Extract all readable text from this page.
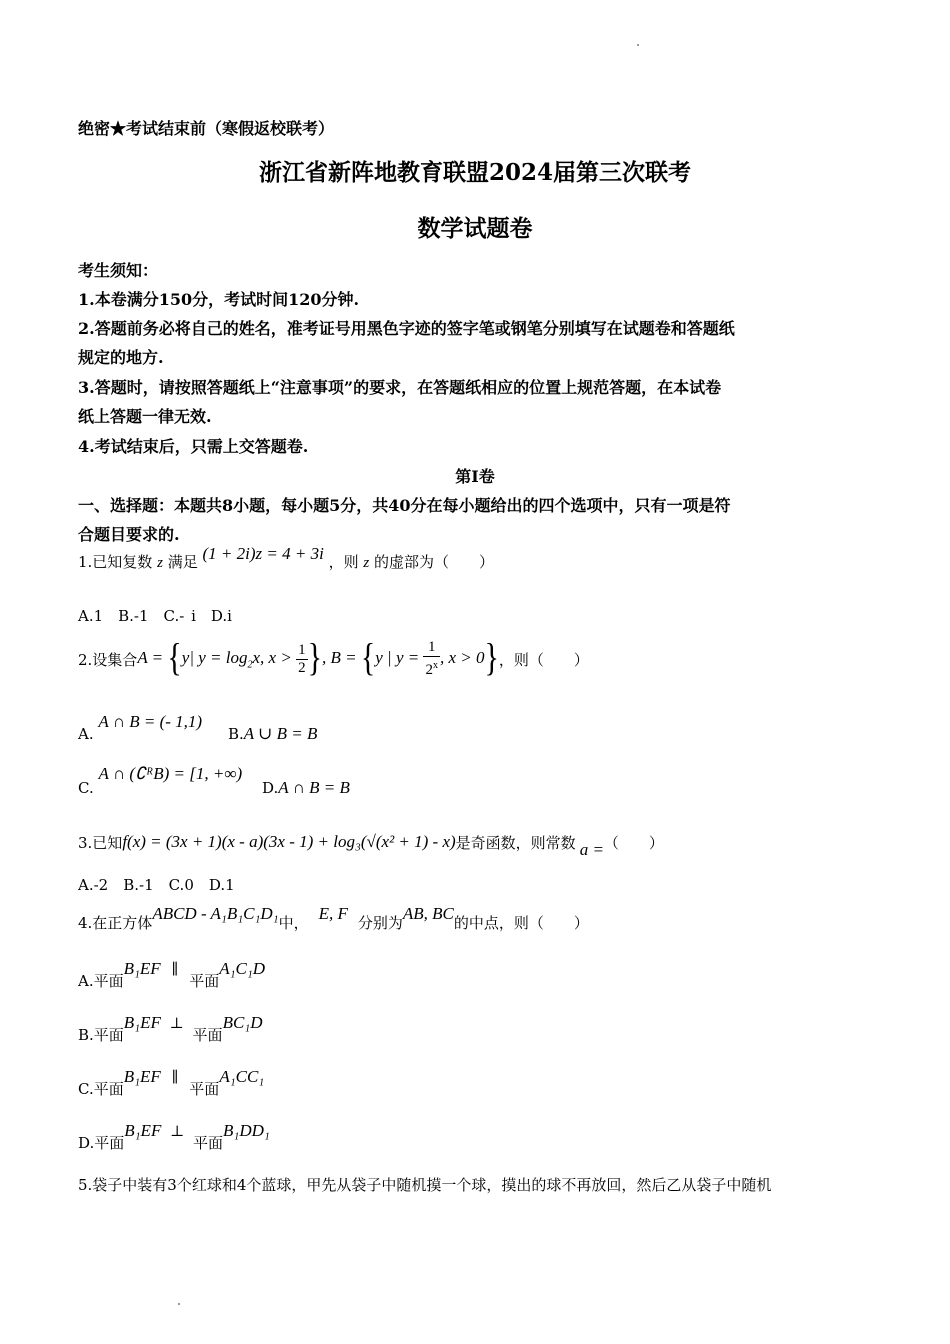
绝密★考试结束前（寒假返校联考）
浙江省新阵地教育联盟2024届第三次联考
数学试题卷
考生须知：
1.本卷满分150分，考试时间120分钟.
2.答题前务必将自己的姓名，准考证号用黑色字迹的签字笔或钢笔分别填写在试题卷和答题纸
规定的地方.
3.答题时，请按照答题纸上“注意事项”的要求，在答题纸相应的位置上规范答题，在本试卷
纸上答题一律无效.
4.考试结束后，只需上交答题卷.
第I卷
一、选择题：本题共8小题，每小题5分，共40分在每小题给出的四个选项中，只有一项是符
合题目要求的.
1.已知复数 z 满足 (1 + 2i)z = 4 + 3i ，则 z 的虚部为（　　）
A.1　B.-1　C.- i　D.i
2.设集合 A = {y| $y = \log_2x$, $x > \frac{1}{2}$ }, B = {y | $y = \frac{1}{2^x}$ , x > 0} ，则（　　）
A. A ∩ B = (- 1,1)
B.A ∪ B = B
C. A ∩ (∁ᴿB) = [1, +∞)
D.A ∩ B = B
3.已知 f(x) = (3x + 1)(x - a)(3x - 1) + log₃(√(x² + 1) - x) 是奇函数，则常数 a = （　　）
A.-2　B.-1　C.0　D.1
4.在正方体 ABCD - A₁B₁C₁D₁ 中， E, F 分别为 AB, BC 的中点，则（　　）
A.平面B₁EF ∥ 平面A₁C₁D
B.平面B₁EF ⊥ 平面BC₁D
C.平面B₁EF ∥ 平面A₁CC₁
D.平面B₁EF ⊥ 平面B₁DD₁
5.袋子中装有3个红球和4个蓝球，甲先从袋子中随机摸一个球，摸出的球不再放回，然后乙从袋子中随机
